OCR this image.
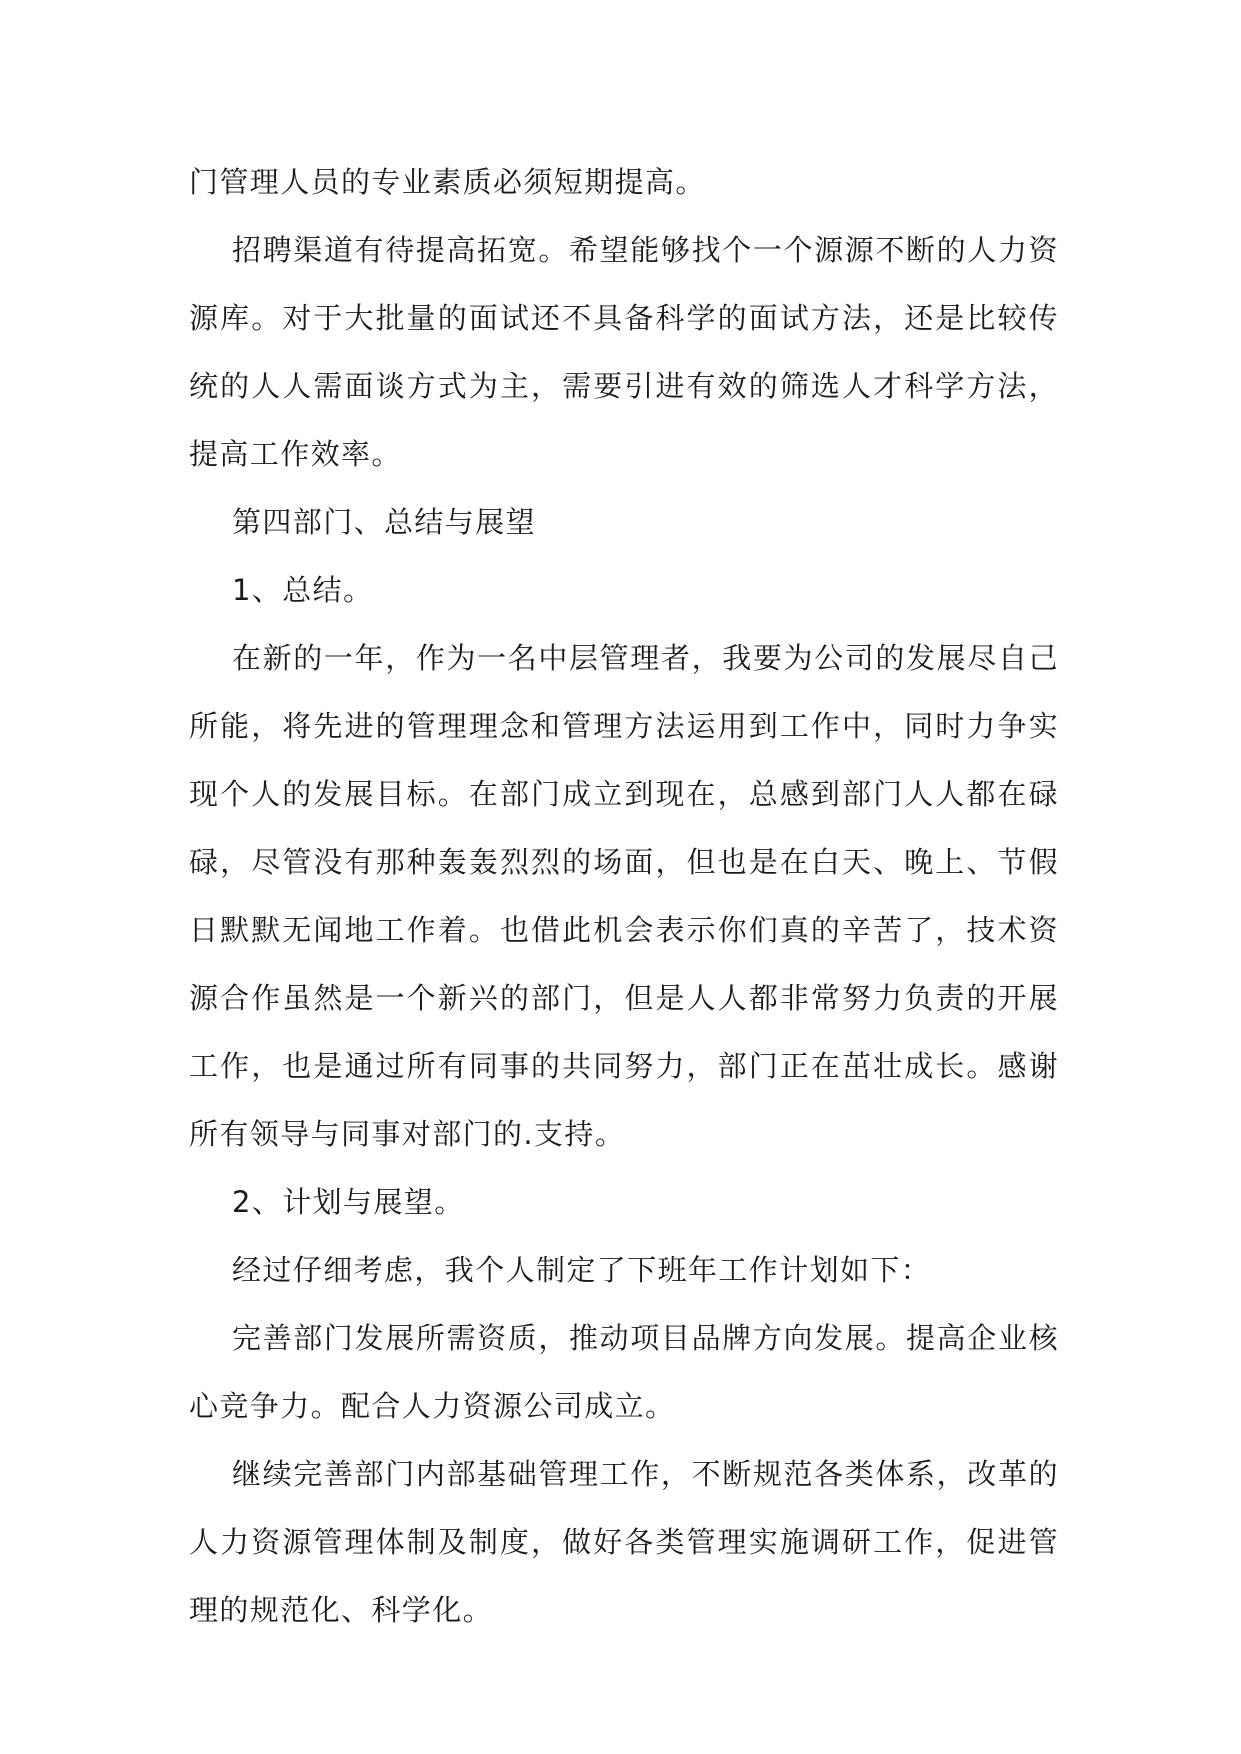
门管理人员的专业素质必须短期提高。

招聘渠道有待提高拓宽。希望能够找个一个源源不断的人力资源库。对于大批量的面试还不具备科学的面试方法，还是比较传统的人人需面谈方式为主，需要引进有效的筛选人才科学方法，提高工作效率。

第四部门、总结与展望

1、总结。

在新的一年，作为一名中层管理者，我要为公司的发展尽自己所能，将先进的管理理念和管理方法运用到工作中，同时力争实现个人的发展目标。在部门成立到现在，总感到部门人人都在碌碌，尽管没有那种轰轰烈烈的场面，但也是在白天、晚上、节假日默默无闻地工作着。也借此机会表示你们真的辛苦了，技术资源合作虽然是一个新兴的部门，但是人人都非常努力负责的开展工作，也是通过所有同事的共同努力，部门正在茁壮成长。感谢所有领导与同事对部门的.支持。

2、计划与展望。

经过仔细考虑，我个人制定了下班年工作计划如下：

完善部门发展所需资质，推动项目品牌方向发展。提高企业核心竞争力。配合人力资源公司成立。

继续完善部门内部基础管理工作，不断规范各类体系，改革的人力资源管理体制及制度，做好各类管理实施调研工作，促进管理的规范化、科学化。
